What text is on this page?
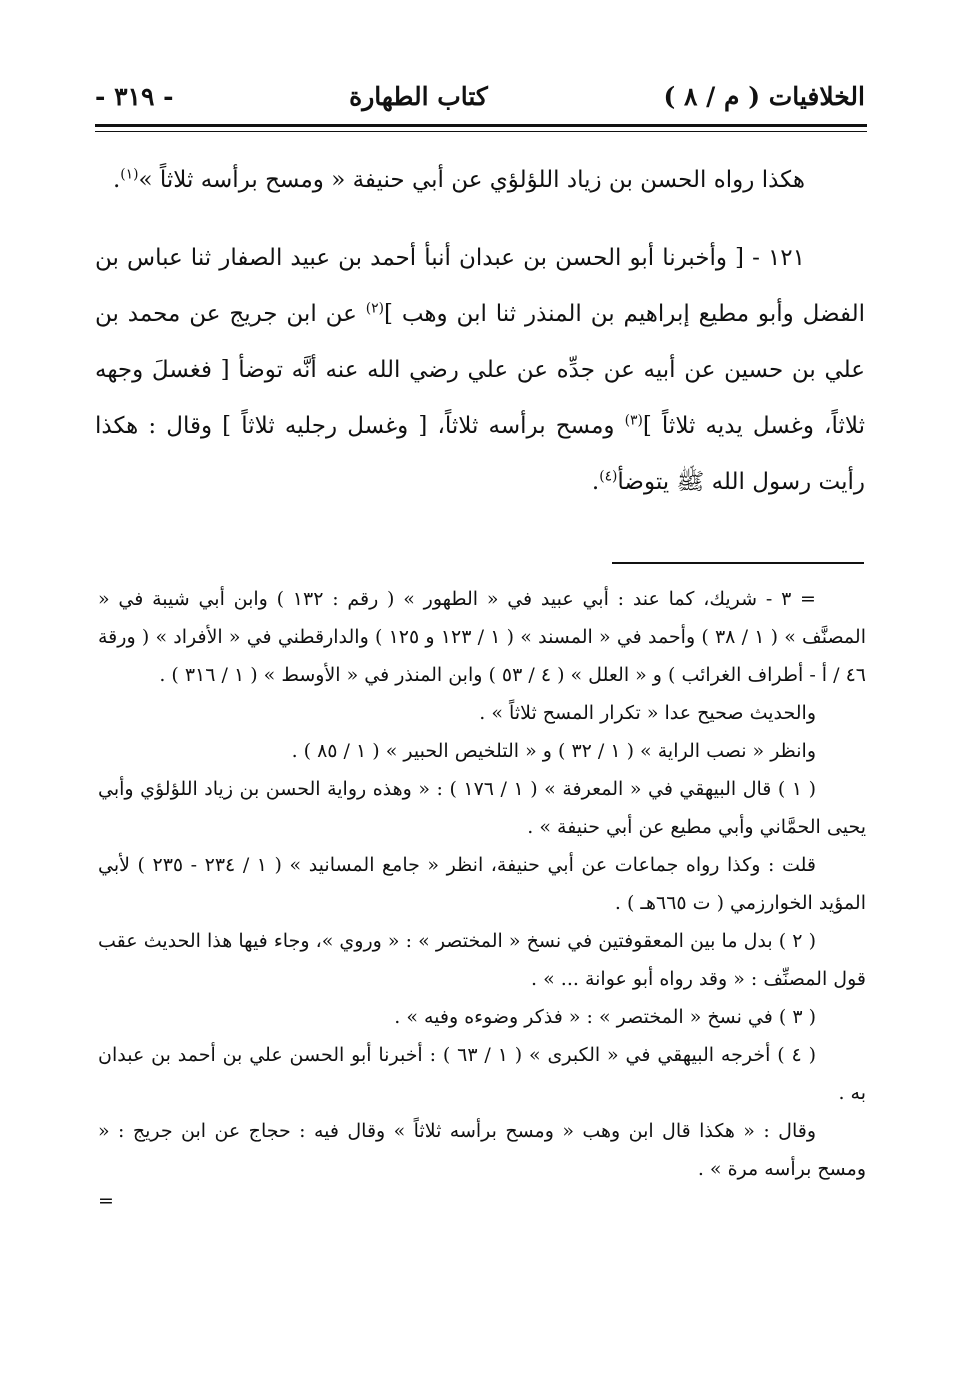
الخلافيات ( م / ٨ )
كتاب الطهارة
- ٣١٩ -

هكذا رواه الحسن بن زياد اللؤلؤي عن أبي حنيفة « ومسح برأسه ثلاثاً »$^{(١)}$.

١٢١ - [ وأخبرنا أبو الحسن بن عبدان أنبأ أحمد بن عبيد الصفار ثنا عباس بن الفضل وأبو مطيع إبراهيم بن المنذر ثنا ابن وهب ]$^{(٢)}$ عن ابن جريج عن محمد بن علي بن حسين عن أبيه عن جدِّه عن علي رضي الله عنه أنَّه توضأ [ فغسلَ وجهه ثلاثاً، وغسل يديه ثلاثاً ]$^{(٣)}$ ومسح برأسه ثلاثاً، [ وغسل رجليه ثلاثاً ] وقال : هكذا رأيت رسول الله ﷺ يتوضأ$^{(٤)}$.

= ٣ - شريك، كما عند : أبي عبيد في « الطهور » ( رقم : ١٣٢ ) وابن أبي شيبة في « المصنَّف » ( ١ / ٣٨ ) وأحمد في « المسند » ( ١ / ١٢٣ و ١٢٥ ) والدارقطني في « الأفراد » ( ورقة ٤٦ / أ - أطراف الغرائب ) و « العلل » ( ٤ / ٥٣ ) وابن المنذر في « الأوسط » ( ١ / ٣١٦ ) .

والحديث صحيح عدا « تكرار المسح ثلاثاً » .

وانظر « نصب الراية » ( ١ / ٣٢ ) و « التلخيص الحبير » ( ١ / ٨٥ ) .

( ١ ) قال البيهقي في « المعرفة » ( ١ / ١٧٦ ) : « وهذه رواية الحسن بن زياد اللؤلؤي وأبي يحيى الحمَّاني وأبي مطيع عن أبي حنيفة » .

قلت : وكذا رواه جماعات عن أبي حنيفة، انظر « جامع المسانيد » ( ١ / ٢٣٤ - ٢٣٥ ) لأبي المؤيد الخوارزمي ( ت ٦٦٥هـ ) .

( ٢ ) بدل ما بين المعقوفتين في نسخ « المختصر » : « وروي »، وجاء فيها هذا الحديث عقب قول المصنِّف : « وقد رواه أبو عوانة ... » .

( ٣ ) في نسخ « المختصر » : « فذكر وضوءه وفيه » .

( ٤ ) أخرجه البيهقي في « الكبرى » ( ١ / ٦٣ ) : أخبرنا أبو الحسن علي بن أحمد بن عبدان به .

وقال : « هكذا قال ابن وهب « ومسح برأسه ثلاثاً » وقال فيه : حجاج عن ابن جريج : « ومسح برأسه مرة » .

=
